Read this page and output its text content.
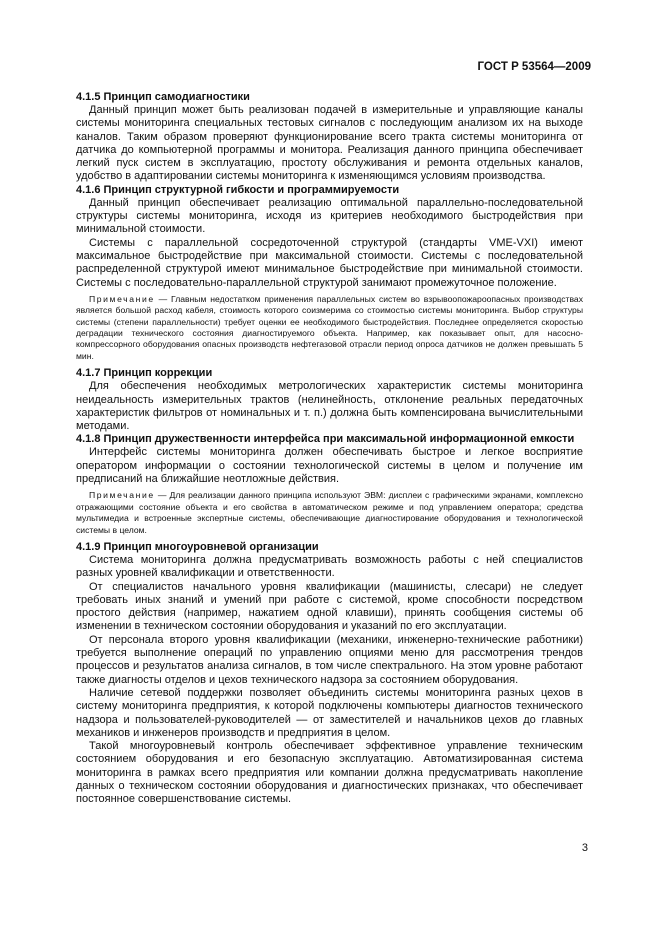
ГОСТ Р 53564—2009
4.1.5 Принцип самодиагностики

Данный принцип может быть реализован подачей в измерительные и управляющие каналы системы мониторинга специальных тестовых сигналов с последующим анализом их на выходе каналов. Таким образом проверяют функционирование всего тракта системы мониторинга от датчика до компьютерной программы и монитора. Реализация данного принципа обеспечивает легкий пуск систем в эксплуатацию, простоту обслуживания и ремонта отдельных каналов, удобство в адаптировании системы мониторинга к изменяющимся условиям производства.

4.1.6 Принцип структурной гибкости и программируемости

Данный принцип обеспечивает реализацию оптимальной параллельно-последовательной структуры системы мониторинга, исходя из критериев необходимого быстродействия при минимальной стоимости.

Системы с параллельной сосредоточенной структурой (стандарты VME-VXI) имеют максимальное быстродействие при максимальной стоимости. Системы с последовательной распределенной структурой имеют минимальное быстродействие при минимальной стоимости. Системы с последовательно-параллельной структурой занимают промежуточное положение.

Примечание — Главным недостатком применения параллельных систем во взрывоопожароопасных производствах является большой расход кабеля, стоимость которого соизмерима со стоимостью системы мониторинга. Выбор структуры системы (степени параллельности) требует оценки ее необходимого быстродействия. Последнее определяется скоростью деградации технического состояния диагностируемого объекта. Например, как показывает опыт, для насосно-компрессорного оборудования опасных производств нефтегазовой отрасли период опроса датчиков не должен превышать 5 мин.
4.1.7 Принцип коррекции

Для обеспечения необходимых метрологических характеристик системы мониторинга неидеальность измерительных трактов (нелинейность, отклонение реальных передаточных характеристик фильтров от номинальных и т. п.) должна быть компенсирована вычислительными методами.

4.1.8 Принцип дружественности интерфейса при максимальной информационной емкости

Интерфейс системы мониторинга должен обеспечивать быстрое и легкое восприятие оператором информации о состоянии технологической системы в целом и получение им предписаний на ближайшие неотложные действия.

Примечание — Для реализации данного принципа используют ЭВМ: дисплеи с графическими экранами, комплексно отражающими состояние объекта и его свойства в автоматическом режиме и под управлением оператора; средства мультимедиа и встроенные экспертные системы, обеспечивающие диагностирование оборудования и технологической системы в целом.
4.1.9 Принцип многоуровневой организации

Система мониторинга должна предусматривать возможность работы с ней специалистов разных уровней квалификации и ответственности.

От специалистов начального уровня квалификации (машинисты, слесари) не следует требовать иных знаний и умений при работе с системой, кроме способности посредством простого действия (например, нажатием одной клавиши), принять сообщения системы об изменении в техническом состоянии оборудования и указаний по его эксплуатации.

От персонала второго уровня квалификации (механики, инженерно-технические работники) требуется выполнение операций по управлению опциями меню для рассмотрения трендов процессов и результатов анализа сигналов, в том числе спектрального. На этом уровне работают также диагносты отделов и цехов технического надзора за состоянием оборудования.

Наличие сетевой поддержки позволяет объединить системы мониторинга разных цехов в систему мониторинга предприятия, к которой подключены компьютеры диагностов технического надзора и пользователей-руководителей — от заместителей и начальников цехов до главных механиков и инженеров производств и предприятия в целом.

Такой многоуровневый контроль обеспечивает эффективное управление техническим состоянием оборудования и его безопасную эксплуатацию. Автоматизированная система мониторинга в рамках всего предприятия или компании должна предусматривать накопление данных о техническом состоянии оборудования и диагностических признаках, что обеспечивает постоянное совершенствование системы.

3
